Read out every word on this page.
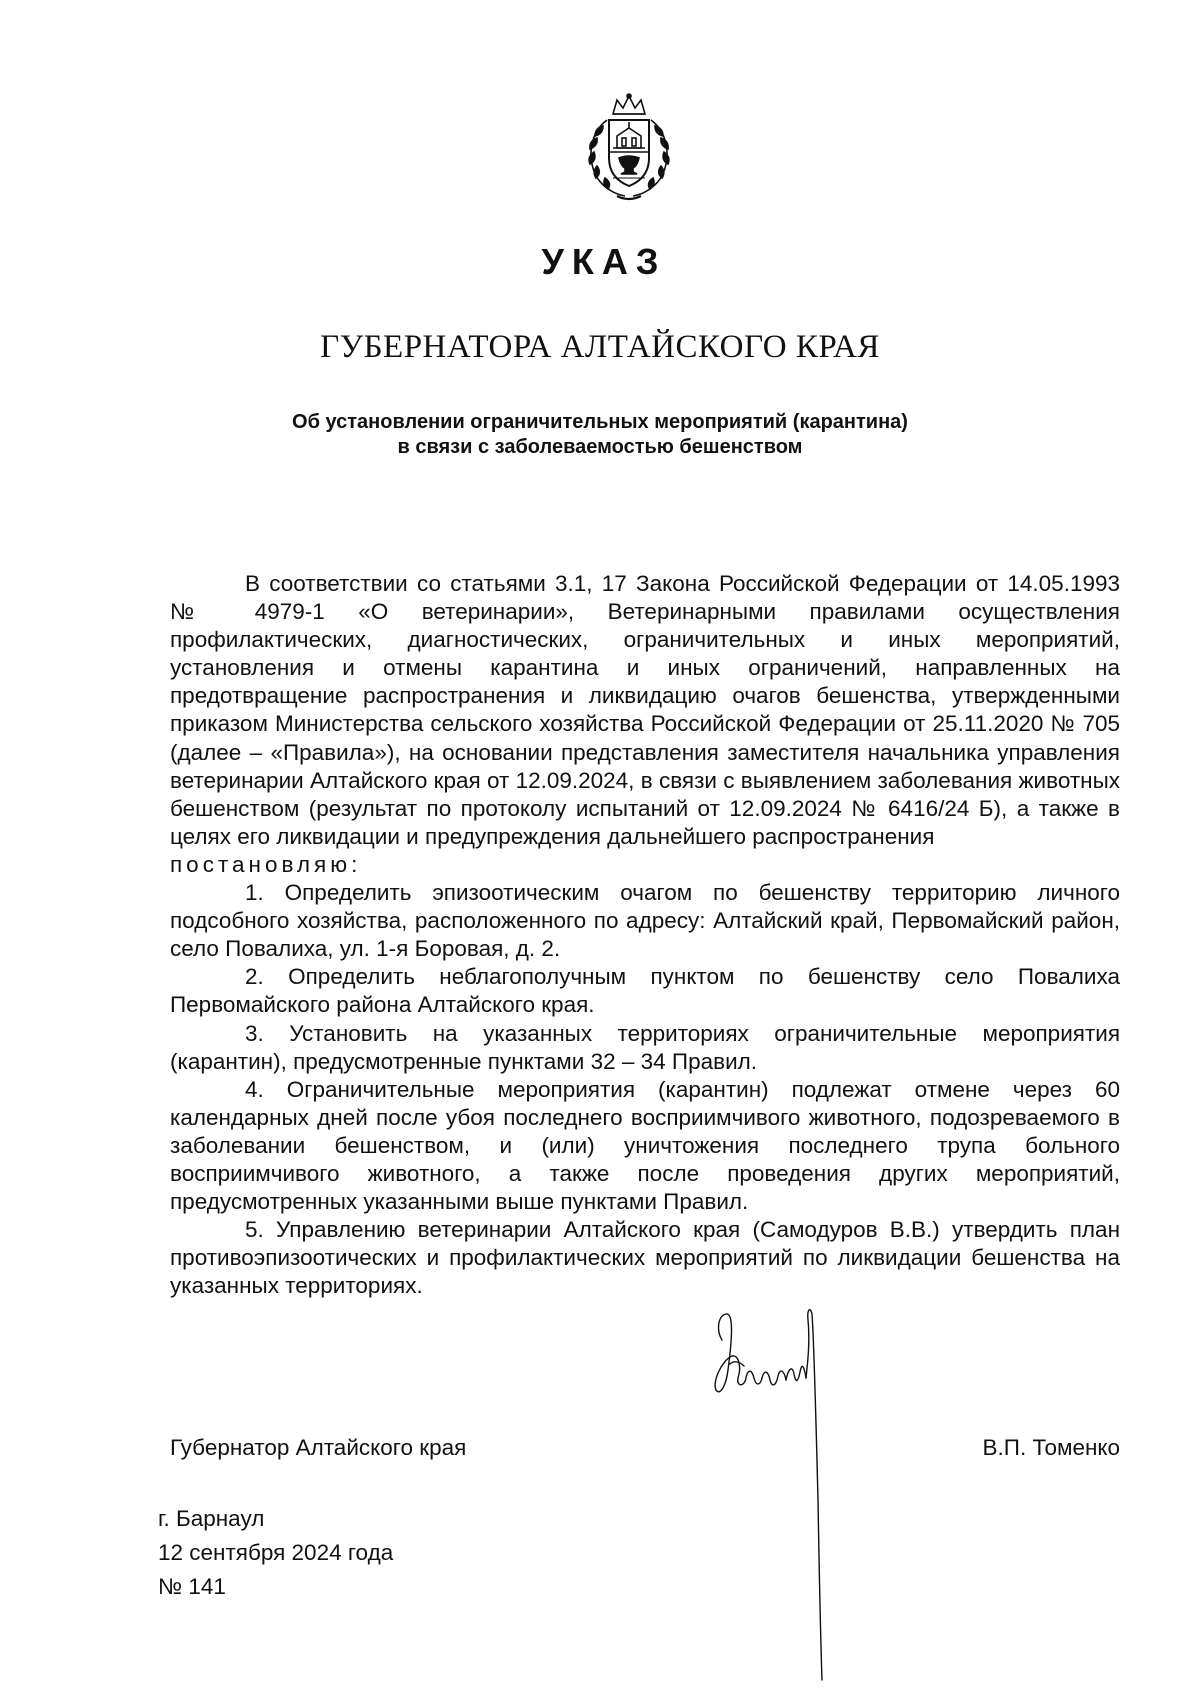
УКАЗ
ГУБЕРНАТОРА АЛТАЙСКОГО КРАЯ
Об установлении ограничительных мероприятий (карантина)
в связи с заболеваемостью бешенством

В соответствии со статьями 3.1, 17 Закона Российской Федерации от 14.05.1993 № 4979-1 «О ветеринарии», Ветеринарными правилами осуществления профилактических, диагностических, ограничительных и иных мероприятий, установления и отмены карантина и иных ограничений, направленных на предотвращение распространения и ликвидацию очагов бешенства, утвержденными приказом Министерства сельского хозяйства Российской Федерации от 25.11.2020 № 705 (далее – «Правила»), на основании представления заместителя начальника управления ветеринарии Алтайского края от 12.09.2024, в связи с выявлением заболевания животных бешенством (результат по протоколу испытаний от 12.09.2024 № 6416/24 Б), а также в целях его ликвидации и предупреждения дальнейшего распространения

постановляю:

1. Определить эпизоотическим очагом по бешенству территорию личного подсобного хозяйства, расположенного по адресу: Алтайский край, Первомайский район, село Повалиха, ул. 1-я Боровая, д. 2.

2. Определить неблагополучным пунктом по бешенству село Повалиха Первомайского района Алтайского края.

3. Установить на указанных территориях ограничительные мероприятия (карантин), предусмотренные пунктами 32 – 34 Правил.

4. Ограничительные мероприятия (карантин) подлежат отмене через 60 календарных дней после убоя последнего восприимчивого животного, подозреваемого в заболевании бешенством, и (или) уничтожения последнего трупа больного восприимчивого животного, а также после проведения других мероприятий, предусмотренных указанными выше пунктами Правил.

5. Управлению ветеринарии Алтайского края (Самодуров В.В.) утвердить план противоэпизоотических и профилактических мероприятий по ликвидации бешенства на указанных территориях.

Губернатор Алтайского края	В.П. Томенко
г. Барнаул
12 сентября 2024 года
№ 141
